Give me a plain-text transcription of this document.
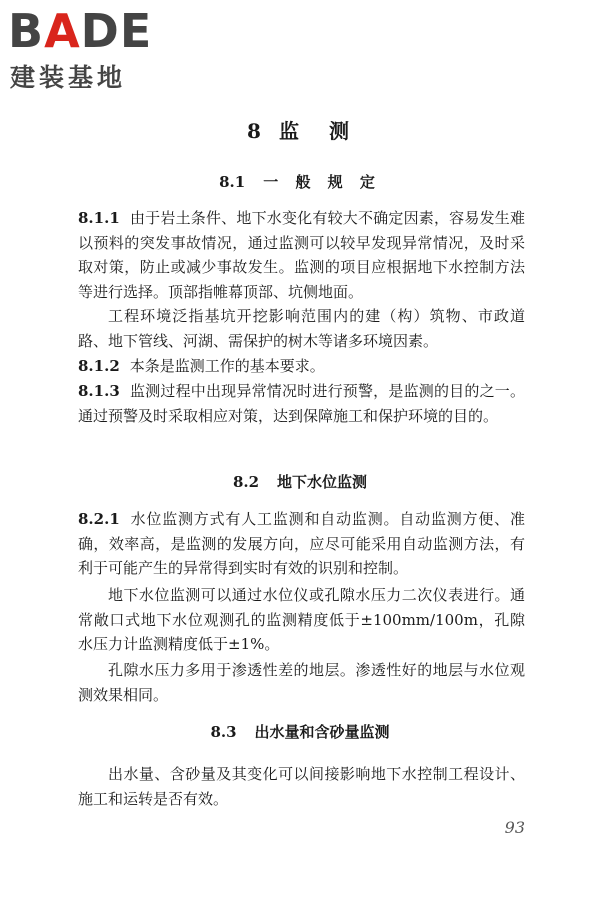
BADE
建装基地
8 监 测
8.1 一 般 规 定

8.1.1 由于岩土条件、地下水变化有较大不确定因素，容易发生难以预料的突发事故情况，通过监测可以较早发现异常情况，及时采取对策，防止或减少事故发生。监测的项目应根据地下水控制方法等进行选择。顶部指帷幕顶部、坑侧地面。

工程环境泛指基坑开挖影响范围内的建（构）筑物、市政道路、地下管线、河湖、需保护的树木等诸多环境因素。

8.1.2 本条是监测工作的基本要求。

8.1.3 监测过程中出现异常情况时进行预警，是监测的目的之一。通过预警及时采取相应对策，达到保障施工和保护环境的目的。

8.2 地下水位监测

8.2.1 水位监测方式有人工监测和自动监测。自动监测方便、准确，效率高，是监测的发展方向，应尽可能采用自动监测方法，有利于可能产生的异常得到实时有效的识别和控制。

地下水位监测可以通过水位仪或孔隙水压力二次仪表进行。通常敞口式地下水位观测孔的监测精度低于±100mm/100m，孔隙水压力计监测精度低于±1%。

孔隙水压力多用于渗透性差的地层。渗透性好的地层与水位观测效果相同。

8.3 出水量和含砂量监测

出水量、含砂量及其变化可以间接影响地下水控制工程设计、施工和运转是否有效。

93
